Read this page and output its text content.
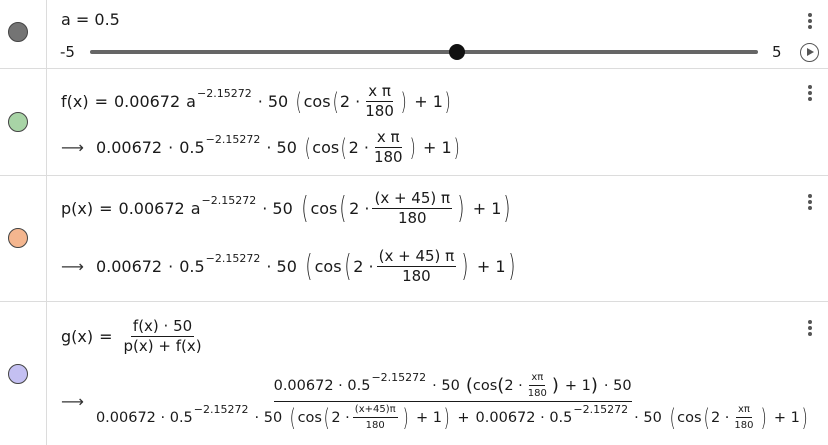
a = 0.5
-5	5
f(x) = 0.00672 a −2.15272 · 50 ( cos ( $2 \cdot \frac{\text{x π}}{180}$ ) + 1 )
⟶ 0.00672 · 0.5 −2.15272 · 50 ( cos ( $2 \cdot \frac{\text{x π}}{180}$ ) + 1 )
p(x) = 0.00672 a −2.15272 · 50 ( cos ( $2 \cdot \frac{(x + 45) \pi}{180}$ ) + 1 )
⟶ 0.00672 · 0.5 −2.15272 · 50 ( cos ( $2 \cdot \frac{(x + 45) \pi}{180}$ ) + 1 )
$g(x) = \frac{f(x) \cdot 50}{p(x) + f(x)}$
⟶
0.00672 · 0.5 −2.15272 · 50 ( cos ( $2 \cdot \frac{x\pi}{180}$ ) + 1 ) · 50
0.00672 · 0.5 −2.15272 · 50 ( cos ( $2 \cdot \frac{(x+45)\pi}{180}$ ) + 1 ) + 0.00672 · 0.5 −2.15272 · 50 ( cos ( $2 \cdot \frac{x\pi}{180}$ ) + 1 )
